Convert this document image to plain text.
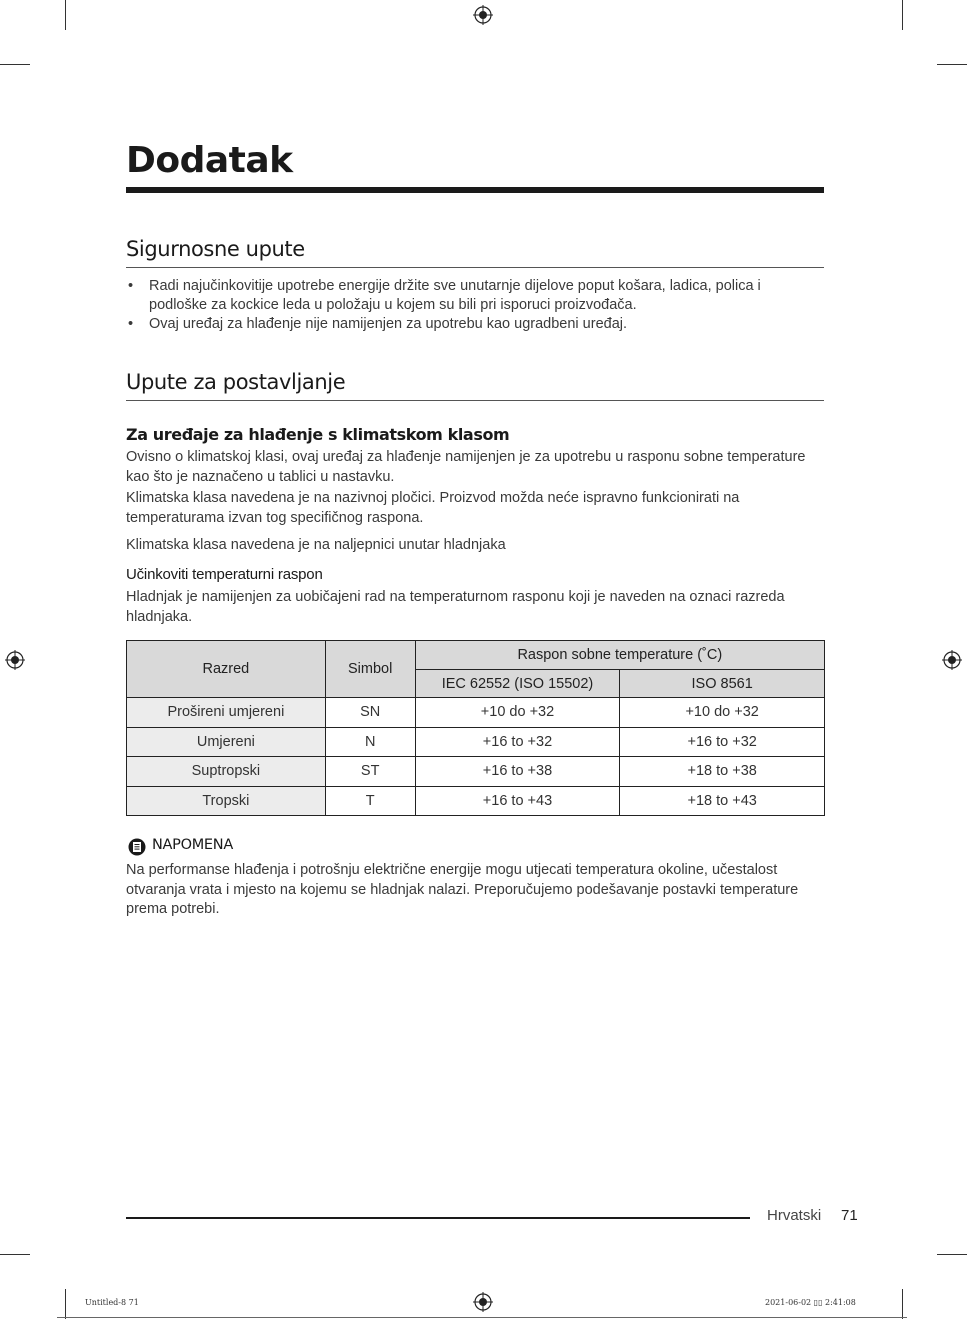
Dodatak
Sigurnosne upute
• Radi najučinkovitije upotrebe energije držite sve unutarnje dijelove poput košara, ladica, polica i podloške za kockice leda u položaju u kojem su bili pri isporuci proizvođača.
• Ovaj uređaj za hlađenje nije namijenjen za upotrebu kao ugradbeni uređaj.
Upute za postavljanje
Za uređaje za hlađenje s klimatskom klasom
Ovisno o klimatskoj klasi, ovaj uređaj za hlađenje namijenjen je za upotrebu u rasponu sobne temperature kao što je naznačeno u tablici u nastavku.
Klimatska klasa navedena je na nazivnoj pločici. Proizvod možda neće ispravno funkcionirati na temperaturama izvan tog specifičnog raspona.
Klimatska klasa navedena je na naljepnici unutar hladnjaka
Učinkoviti temperaturni raspon
Hladnjak je namijenjen za uobičajeni rad na temperaturnom rasponu koji je naveden na oznaci razreda hladnjaka.
Razred	Simbol	Raspon sobne temperature (˚C)	
		IEC 62552 (ISO 15502)	ISO 8561
Prošireni umjereni	SN	+10 do +32	+10 do +32
Umjereni	N	+16 to +32	+16 to +32
Suptropski	ST	+16 to +38	+18 to +38
Tropski	T	+16 to +43	+18 to +43
NAPOMENA
Na performanse hlađenja i potrošnju električne energije mogu utjecati temperatura okoline, učestalost otvaranja vrata i mjesto na kojemu se hladnjak nalazi. Preporučujemo podešavanje postavki temperature prema potrebi.
Hrvatski 71
Untitled-8 71	2021-06-02 ▯▯ 2:41:08
